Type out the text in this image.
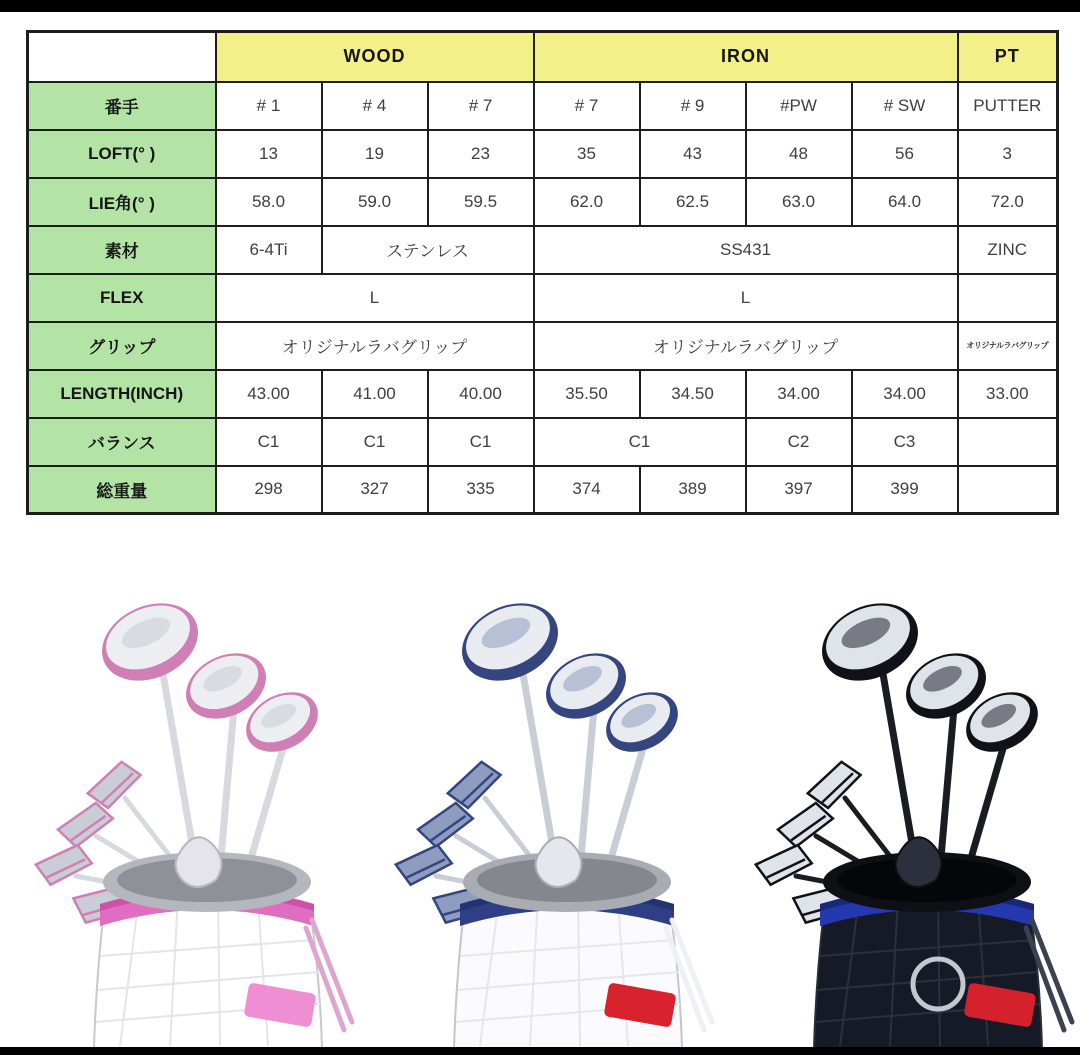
	WOOD			IRON				PT
番手	# 1	# 4	# 7	# 7	# 9	#PW	# SW	PUTTER
LOFT(° )	13	19	23	35	43	48	56	3
LIE角(° )	58.0	59.0	59.5	62.0	62.5	63.0	64.0	72.0
素材	6-4Ti	ステンレス		SS431				ZINC
FLEX	L			L				
グリップ	オリジナルラバグリップ			オリジナルラバグリップ				オリジナルラバグリップ
LENGTH(INCH)	43.00	41.00	40.00	35.50	34.50	34.00	34.00	33.00
バランス	C1	C1	C1	C1		C2	C3	
総重量	298	327	335	374	389	397	399	
